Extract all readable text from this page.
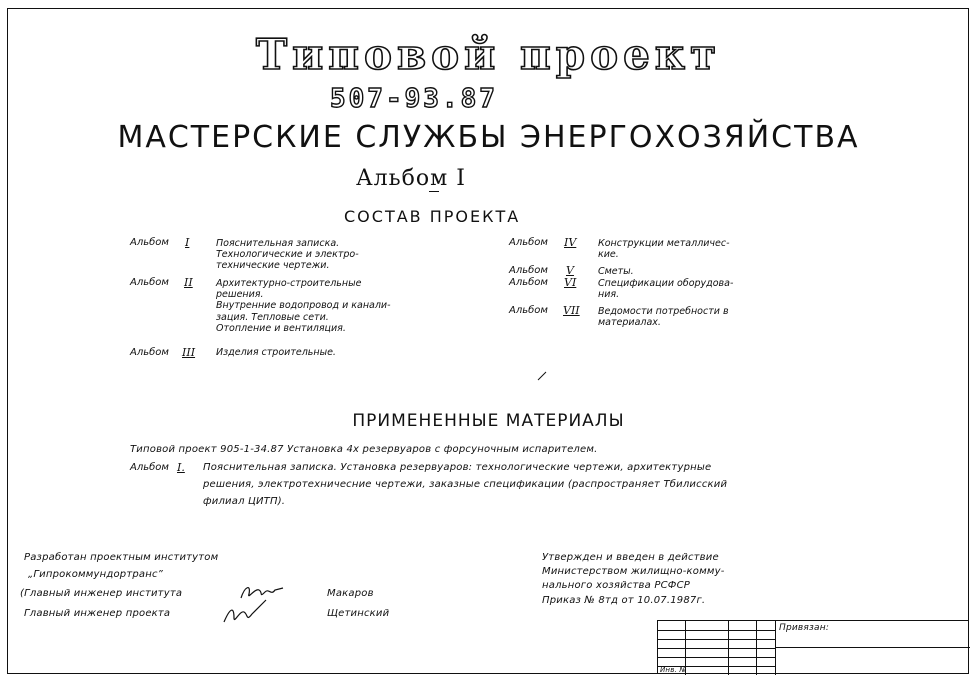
Типовой проект
507-93.87
МАСТЕРСКИЕ СЛУЖБЫ ЭНЕРГОХОЗЯЙСТВА
Альбом I
СОСТАВ ПРОЕКТА
Альбом I	Пояснительная записка.
Технологические и электро-
технические чертежи.
Альбом II Архитектурно-строительные
решения.
Внутренние водопровод и канали-
зация. Тепловые сети.
Отопление и вентиляция.
Альбом III Изделия строительные.
Альбом IV Конструкции металличес-
кие.
Альбом V	Сметы.
Альбом VI Спецификации оборудова-
ния.
Альбом VII Ведомости потребности в
материалах.
ПРИМЕНЕННЫЕ МАТЕРИАЛЫ
Типовой проект 905-1-34.87 Установка 4х резервуаров с форсуночным испарителем.
Альбом I. Пояснительная записка. Установка резервуаров: технологические чертежи, архитектурные
решения, электротехничесние чертежи, заказные спецификации (распространяет Тбилисский
филиал ЦИТП).
Разработан проектным институтом
„Гипрокоммундортранс”
(Главный инженер института	Макаров
Главный инженер проекта	Щетинский
Утвержден и введен в действие
Министерством жилищно-комму-
нального хозяйства РСФСР
Приказ № 8тд от 10.07.1987г.
Привязан:
Инв. №
